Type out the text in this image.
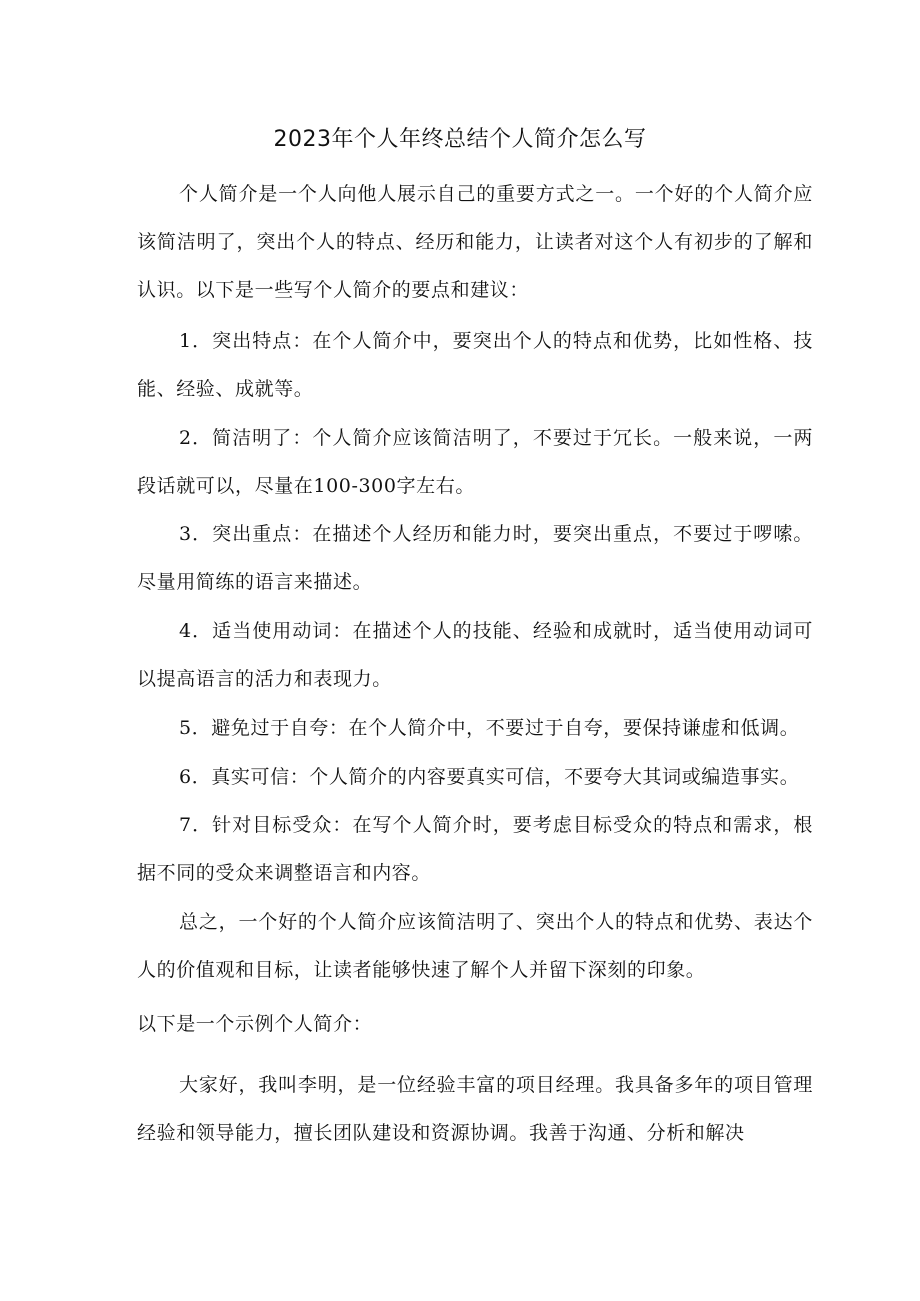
2023年个人年终总结个人简介怎么写

个人简介是一个人向他人展示自己的重要方式之一。一个好的个人简介应该简洁明了，突出个人的特点、经历和能力，让读者对这个人有初步的了解和认识。以下是一些写个人简介的要点和建议：

1．突出特点：在个人简介中，要突出个人的特点和优势，比如性格、技能、经验、成就等。

2．简洁明了：个人简介应该简洁明了，不要过于冗长。一般来说，一两段话就可以，尽量在100-300字左右。

3．突出重点：在描述个人经历和能力时，要突出重点，不要过于啰嗦。尽量用简练的语言来描述。

4．适当使用动词：在描述个人的技能、经验和成就时，适当使用动词可以提高语言的活力和表现力。

5．避免过于自夸：在个人简介中，不要过于自夸，要保持谦虚和低调。

6．真实可信：个人简介的内容要真实可信，不要夸大其词或编造事实。

7．针对目标受众：在写个人简介时，要考虑目标受众的特点和需求，根据不同的受众来调整语言和内容。

总之，一个好的个人简介应该简洁明了、突出个人的特点和优势、表达个人的价值观和目标，让读者能够快速了解个人并留下深刻的印象。

以下是一个示例个人简介：

大家好，我叫李明，是一位经验丰富的项目经理。我具备多年的项目管理经验和领导能力，擅长团队建设和资源协调。我善于沟通、分析和解决
